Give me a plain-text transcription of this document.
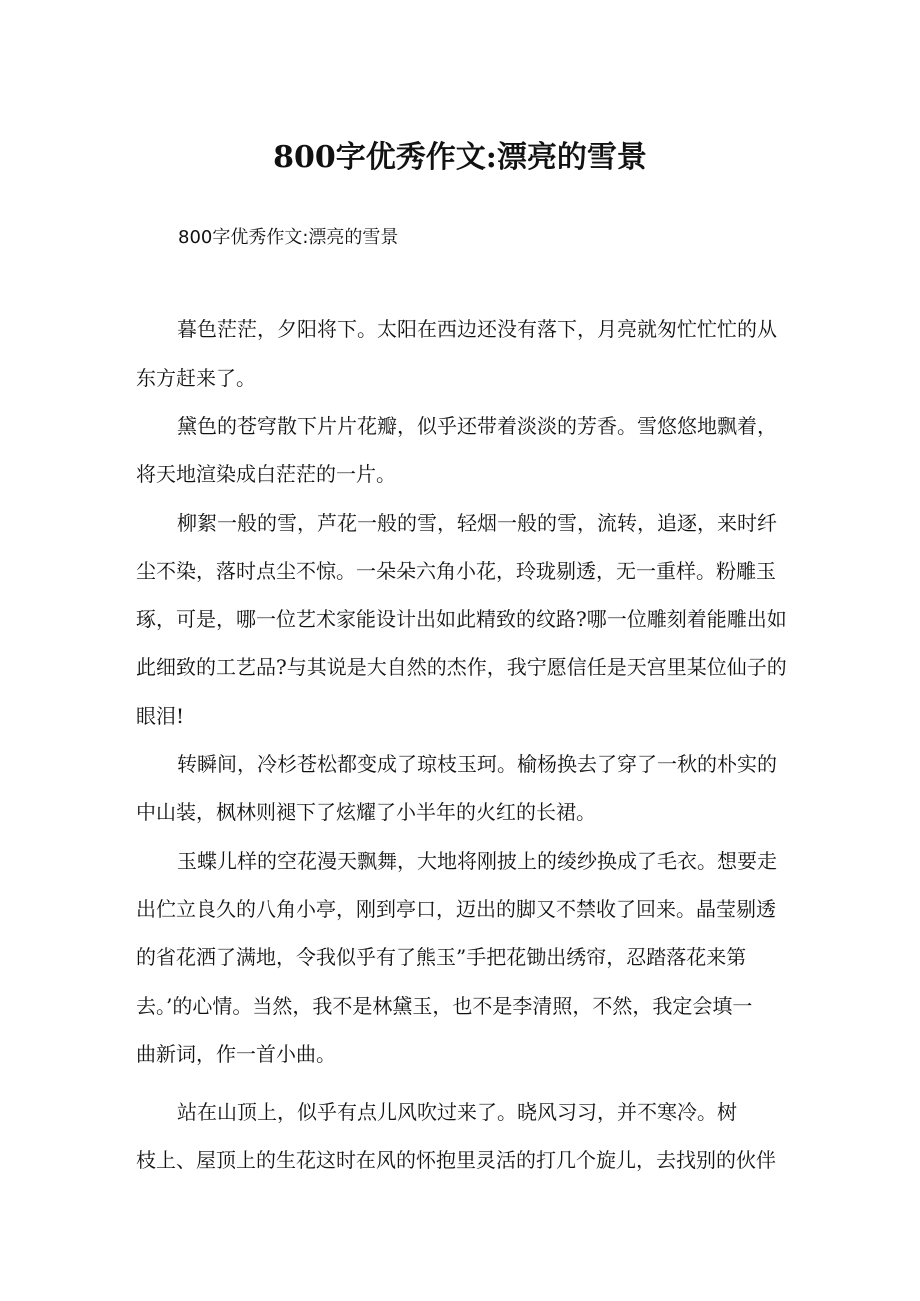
800字优秀作文:漂亮的雪景
800字优秀作文:漂亮的雪景
暮色茫茫，夕阳将下。太阳在西边还没有落下，月亮就匆忙忙忙的从
东方赶来了。
黛色的苍穹散下片片花瓣，似乎还带着淡淡的芳香。雪悠悠地飘着，
将天地渲染成白茫茫的一片。
柳絮一般的雪，芦花一般的雪，轻烟一般的雪，流转，追逐，来时纤
尘不染，落时点尘不惊。一朵朵六角小花，玲珑剔透，无一重样。粉雕玉
琢，可是，哪一位艺术家能设计出如此精致的纹路?哪一位雕刻着能雕出如
此细致的工艺品?与其说是大自然的杰作，我宁愿信任是天宫里某位仙子的
眼泪!
转瞬间，冷杉苍松都变成了琼枝玉珂。榆杨换去了穿了一秋的朴实的
中山装，枫林则褪下了炫耀了小半年的火红的长裙。
玉蝶儿样的空花漫天飘舞，大地将刚披上的绫纱换成了毛衣。想要走
出伫立良久的八角小亭，刚到亭口，迈出的脚又不禁收了回来。晶莹剔透
的省花洒了满地，令我似乎有了熊玉”手把花锄出绣帘，忍踏落花来第
去。’的心情。当然，我不是林黛玉，也不是李清照，不然，我定会填一
曲新词，作一首小曲。
站在山顶上，似乎有点儿风吹过来了。晓风习习，并不寒冷。树
枝上、屋顶上的生花这时在风的怀抱里灵活的打几个旋儿，去找别的伙伴
